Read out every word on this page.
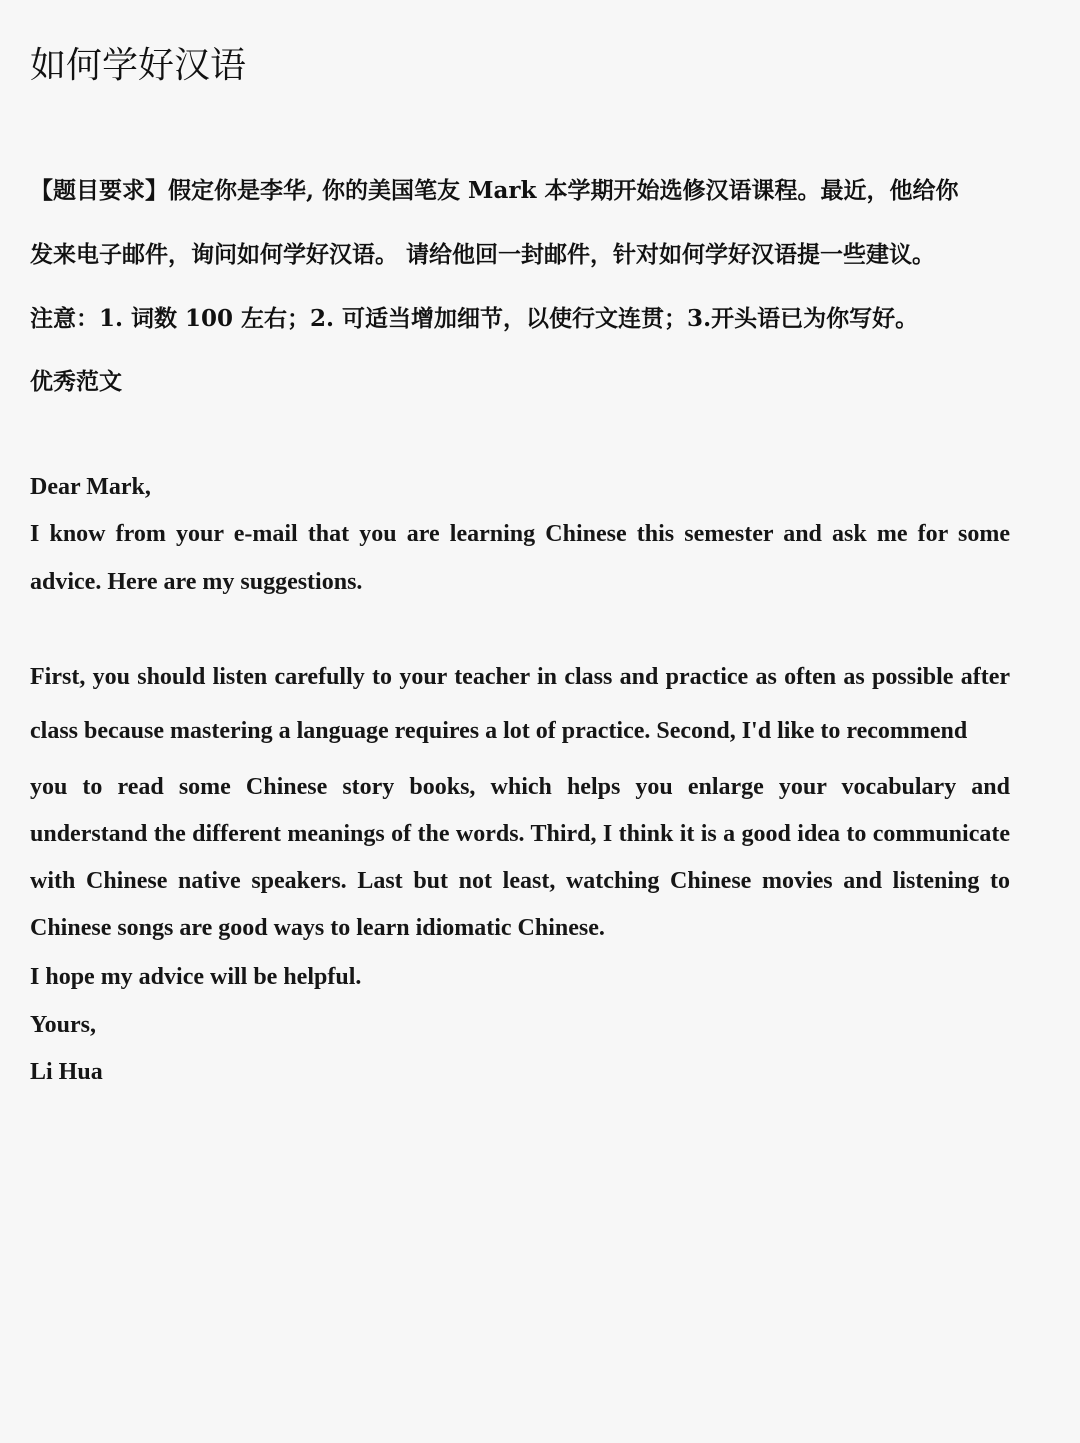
如何学好汉语

【题目要求】假定你是李华, 你的美国笔友 Mark 本学期开始选修汉语课程。最近，他给你

发来电子邮件，询问如何学好汉语。 请给他回一封邮件，针对如何学好汉语提一些建议。

注意：1. 词数 100 左右；2. 可适当增加细节，以使行文连贯；3.开头语已为你写好。

优秀范文

Dear Mark,

I know from your e-mail that you are learning Chinese this semester and ask me for some advice. Here are my suggestions.

First, you should listen carefully to your teacher in class and practice as often as possible after class because mastering a language requires a lot of practice. Second, I'd like to recommend

you to read some Chinese story books, which helps you enlarge your vocabulary and understand the different meanings of the words. Third, I think it is a good idea to communicate with Chinese native speakers. Last but not least, watching Chinese movies and listening to Chinese songs are good ways to learn idiomatic Chinese.

I hope my advice will be helpful.

Yours,

Li Hua
